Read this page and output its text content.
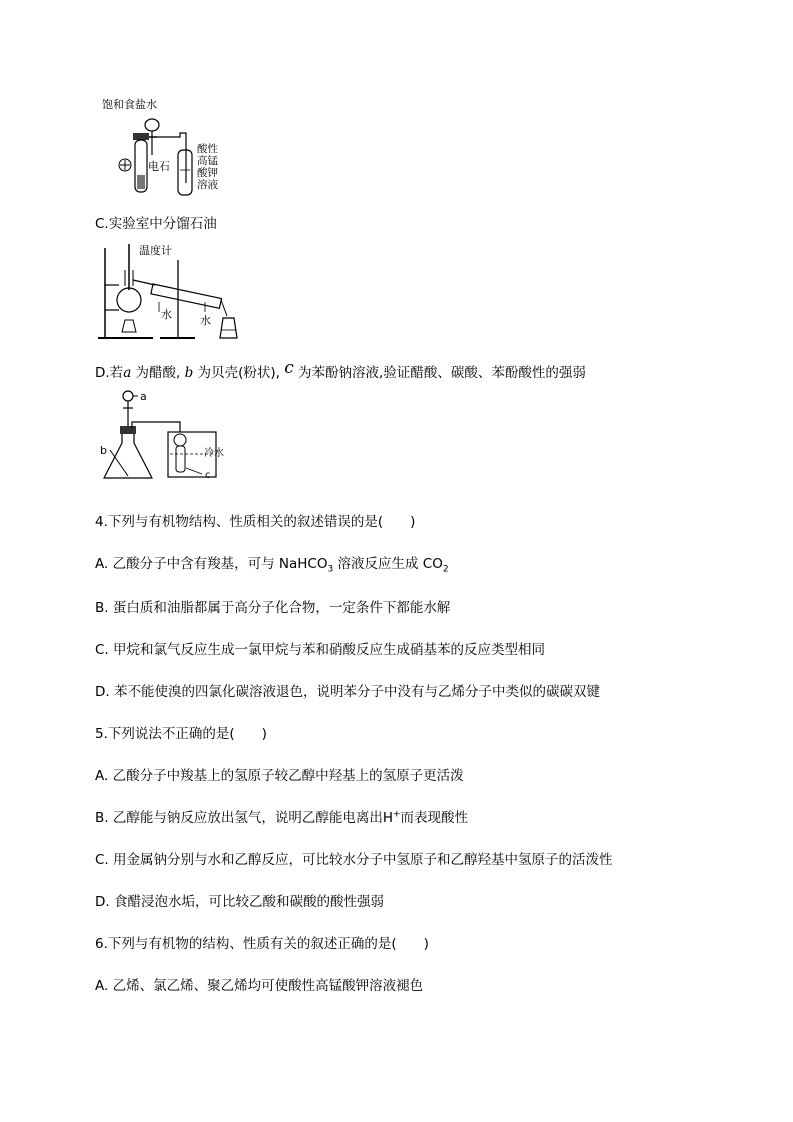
饱和食盐水
电石
酸性
高锰
酸钾
溶液
C.实验室中分馏石油
温度计
水	水
D.若a 为醋酸, b 为贝壳(粉状), c 为苯酚钠溶液,验证醋酸、碳酸、苯酚酸性的强弱
a
b	冷水
c
4.下列与有机物结构、性质相关的叙述错误的是(　　)
A. 乙酸分子中含有羧基，可与 NaHCO$_3$ 溶液反应生成 $CO_2$
B. 蛋白质和油脂都属于高分子化合物，一定条件下都能水解
C. 甲烷和氯气反应生成一氯甲烷与苯和硝酸反应生成硝基苯的反应类型相同
D. 苯不能使溴的四氯化碳溶液退色，说明苯分子中没有与乙烯分子中类似的碳碳双键
5.下列说法不正确的是(　　)
A. 乙酸分子中羧基上的氢原子较乙醇中羟基上的氢原子更活泼
B. 乙醇能与钠反应放出氢气，说明乙醇能电离出H+而表现酸性
C. 用金属钠分别与水和乙醇反应，可比较水分子中氢原子和乙醇羟基中氢原子的活泼性
D. 食醋浸泡水垢，可比较乙酸和碳酸的酸性强弱
6.下列与有机物的结构、性质有关的叙述正确的是(　　)
A. 乙烯、氯乙烯、聚乙烯均可使酸性高锰酸钾溶液褪色
